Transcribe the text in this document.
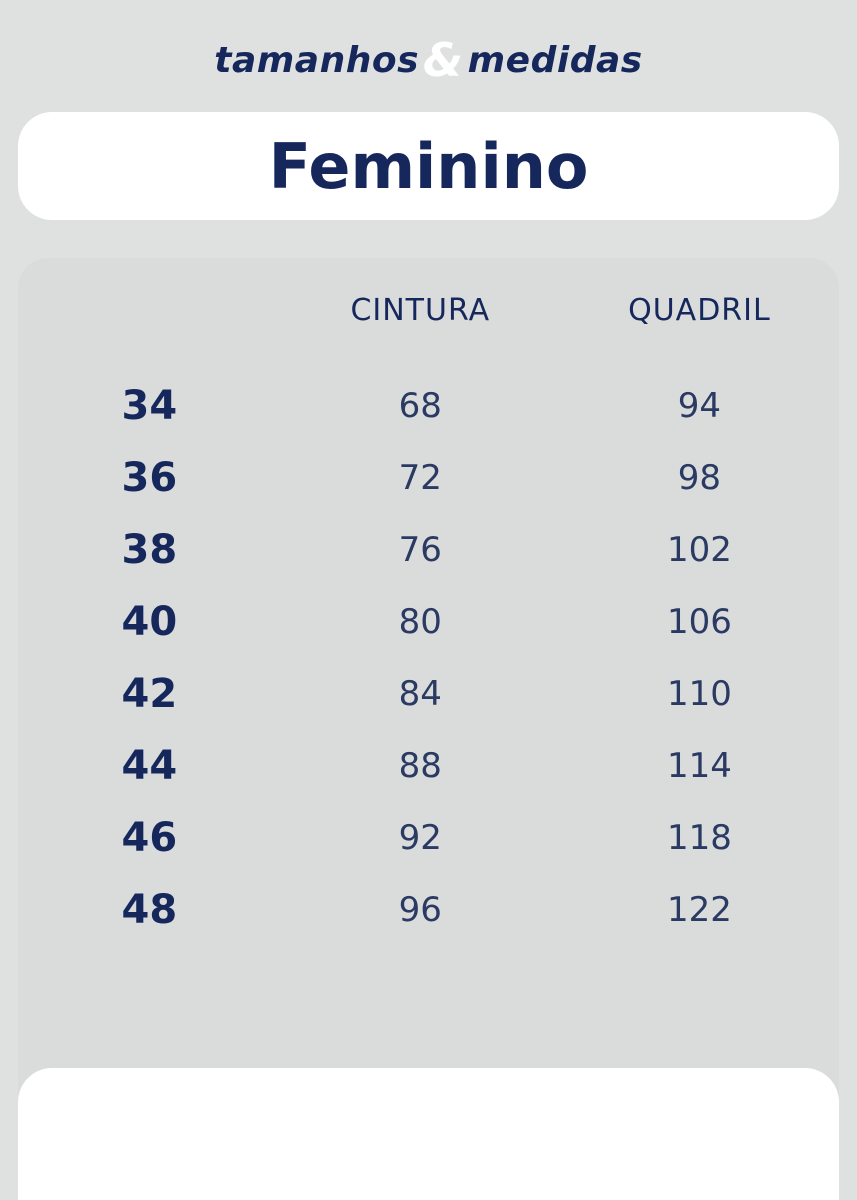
tamanhos& medidas
Feminino
	CINTURA	QUADRIL
34	68	94
36	72	98
38	76	102
40	80	106
42	84	110
44	88	114
46	92	118
48	96	122
